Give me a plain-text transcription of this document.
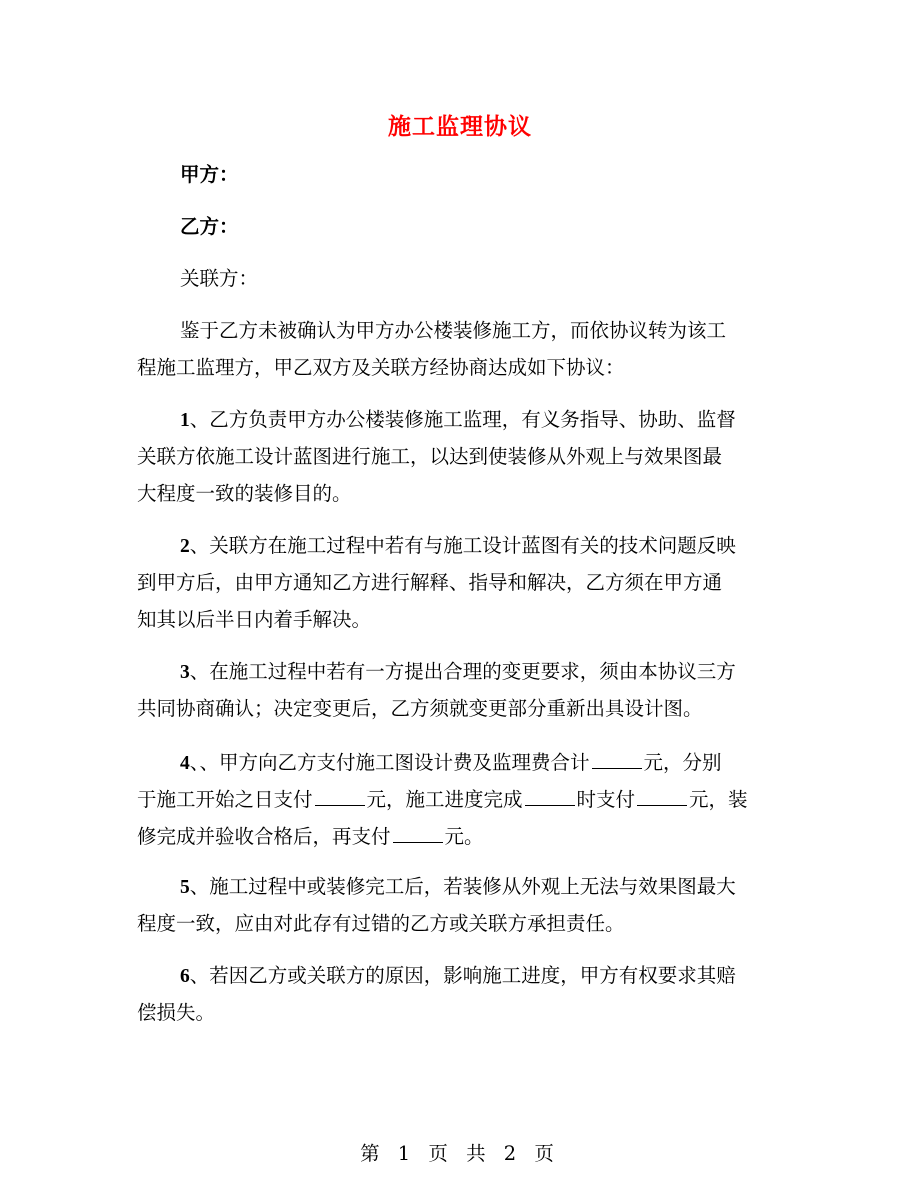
施工监理协议
甲方：
乙方：
关联方：
鉴于乙方未被确认为甲方办公楼装修施工方，而依协议转为该工
程施工监理方，甲乙双方及关联方经协商达成如下协议：
1、乙方负责甲方办公楼装修施工监理，有义务指导、协助、监督
关联方依施工设计蓝图进行施工，以达到使装修从外观上与效果图最
大程度一致的装修目的。
2、关联方在施工过程中若有与施工设计蓝图有关的技术问题反映
到甲方后，由甲方通知乙方进行解释、指导和解决，乙方须在甲方通
知其以后半日内着手解决。
3、在施工过程中若有一方提出合理的变更要求，须由本协议三方
共同协商确认；决定变更后，乙方须就变更部分重新出具设计图。
4、、甲方向乙方支付施工图设计费及监理费合计	元，分别
于施工开始之日支付	元，施工进度完成	时支付	元，装
修完成并验收合格后，再支付	元。
5、施工过程中或装修完工后，若装修从外观上无法与效果图最大
程度一致，应由对此存有过错的乙方或关联方承担责任。
6、若因乙方或关联方的原因，影响施工进度，甲方有权要求其赔
偿损失。
第 1 页 共 2 页
